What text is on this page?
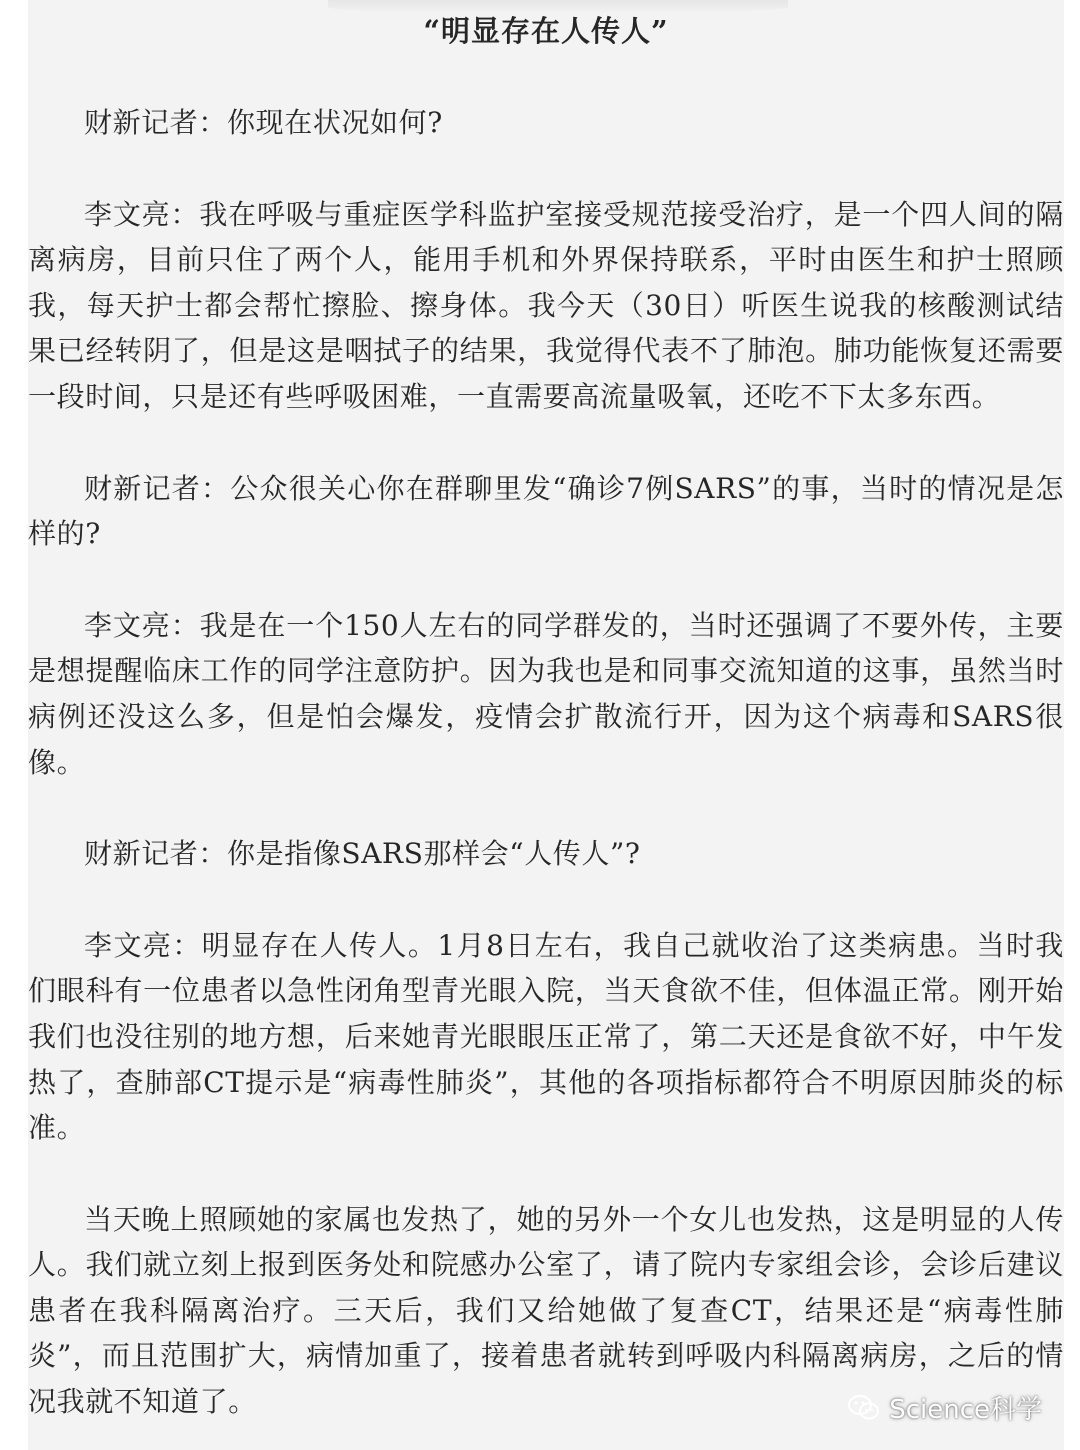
“明显存在人传人”

财新记者：你现在状况如何?

李文亮：我在呼吸与重症医学科监护室接受规范接受治疗，是一个四人间的隔离病房，目前只住了两个人，能用手机和外界保持联系，平时由医生和护士照顾我，每天护士都会帮忙擦脸、擦身体。我今天（30日）听医生说我的核酸测试结果已经转阴了，但是这是咽拭子的结果，我觉得代表不了肺泡。肺功能恢复还需要一段时间，只是还有些呼吸困难，一直需要高流量吸氧，还吃不下太多东西。

财新记者：公众很关心你在群聊里发“确诊7例SARS”的事，当时的情况是怎样的?

李文亮：我是在一个150人左右的同学群发的，当时还强调了不要外传，主要是想提醒临床工作的同学注意防护。因为我也是和同事交流知道的这事，虽然当时病例还没这么多，但是怕会爆发，疫情会扩散流行开，因为这个病毒和SARS很像。

财新记者：你是指像SARS那样会“人传人”?

李文亮：明显存在人传人。1月8日左右，我自己就收治了这类病患。当时我们眼科有一位患者以急性闭角型青光眼入院，当天食欲不佳，但体温正常。刚开始我们也没往别的地方想，后来她青光眼眼压正常了，第二天还是食欲不好，中午发热了，查肺部CT提示是“病毒性肺炎”，其他的各项指标都符合不明原因肺炎的标准。

当天晚上照顾她的家属也发热了，她的另外一个女儿也发热，这是明显的人传人。我们就立刻上报到医务处和院感办公室了，请了院内专家组会诊，会诊后建议患者在我科隔离治疗。三天后，我们又给她做了复查CT，结果还是“病毒性肺炎”，而且范围扩大，病情加重了，接着患者就转到呼吸内科隔离病房，之后的情况我就不知道了。	Science科学
